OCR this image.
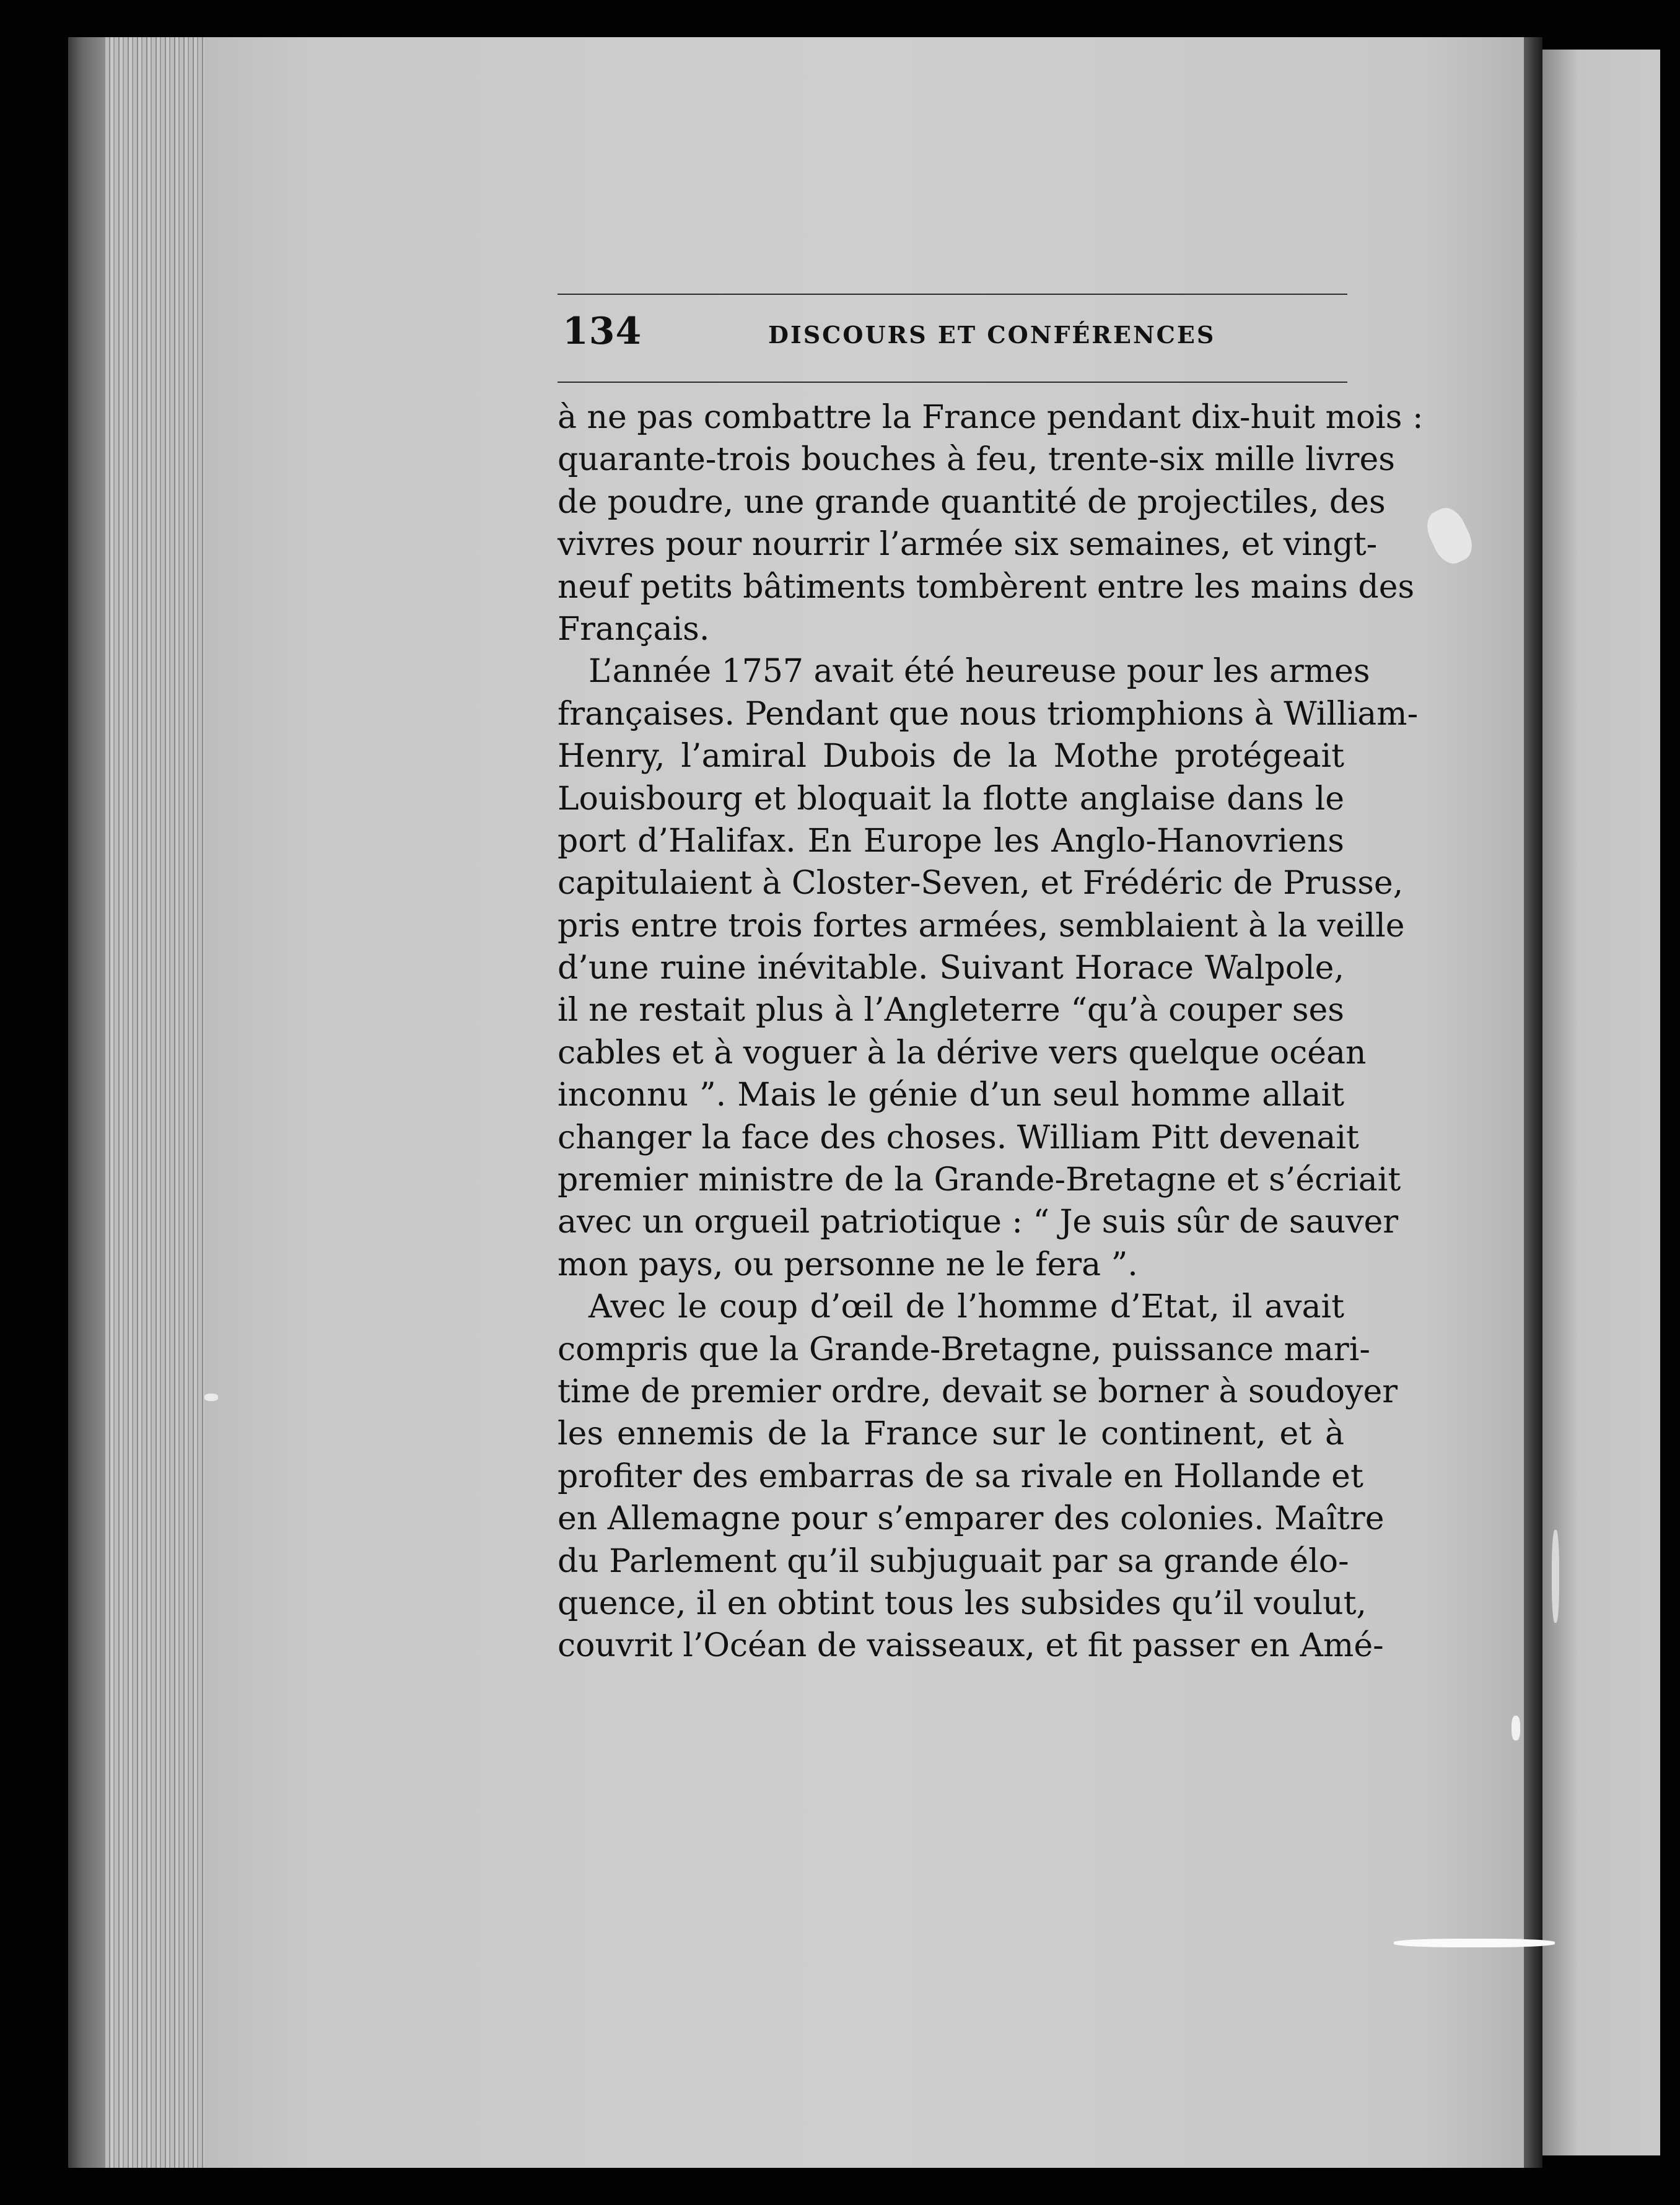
134	DISCOURS ET CONFÉRENCES
à ne pas combattre la France pendant dix-huit mois :
quarante-trois bouches à feu, trente-six mille livres
de poudre, une grande quantité de projectiles, des
vivres pour nourrir l’armée six semaines, et vingt-
neuf petits bâtiments tombèrent entre les mains des
Français.
L’année 1757 avait été heureuse pour les armes
françaises. Pendant que nous triomphions à William-
Henry, l’amiral Dubois de la Mothe protégeait
Louisbourg et bloquait la flotte anglaise dans le
port d’Halifax. En Europe les Anglo-Hanovriens
capitulaient à Closter-Seven, et Frédéric de Prusse,
pris entre trois fortes armées, semblaient à la veille
d’une ruine inévitable. Suivant Horace Walpole,
il ne restait plus à l’Angleterre “qu’à couper ses
cables et à voguer à la dérive vers quelque océan
inconnu ”. Mais le génie d’un seul homme allait
changer la face des choses. William Pitt devenait
premier ministre de la Grande-Bretagne et s’écriait
avec un orgueil patriotique : “ Je suis sûr de sauver
mon pays, ou personne ne le fera ”.
Avec le coup d’œil de l’homme d’Etat, il avait
compris que la Grande-Bretagne, puissance mari-
time de premier ordre, devait se borner à soudoyer
les ennemis de la France sur le continent, et à
profiter des embarras de sa rivale en Hollande et
en Allemagne pour s’emparer des colonies. Maître
du Parlement qu’il subjuguait par sa grande élo-
quence, il en obtint tous les subsides qu’il voulut,
couvrit l’Océan de vaisseaux, et fit passer en Amé-
